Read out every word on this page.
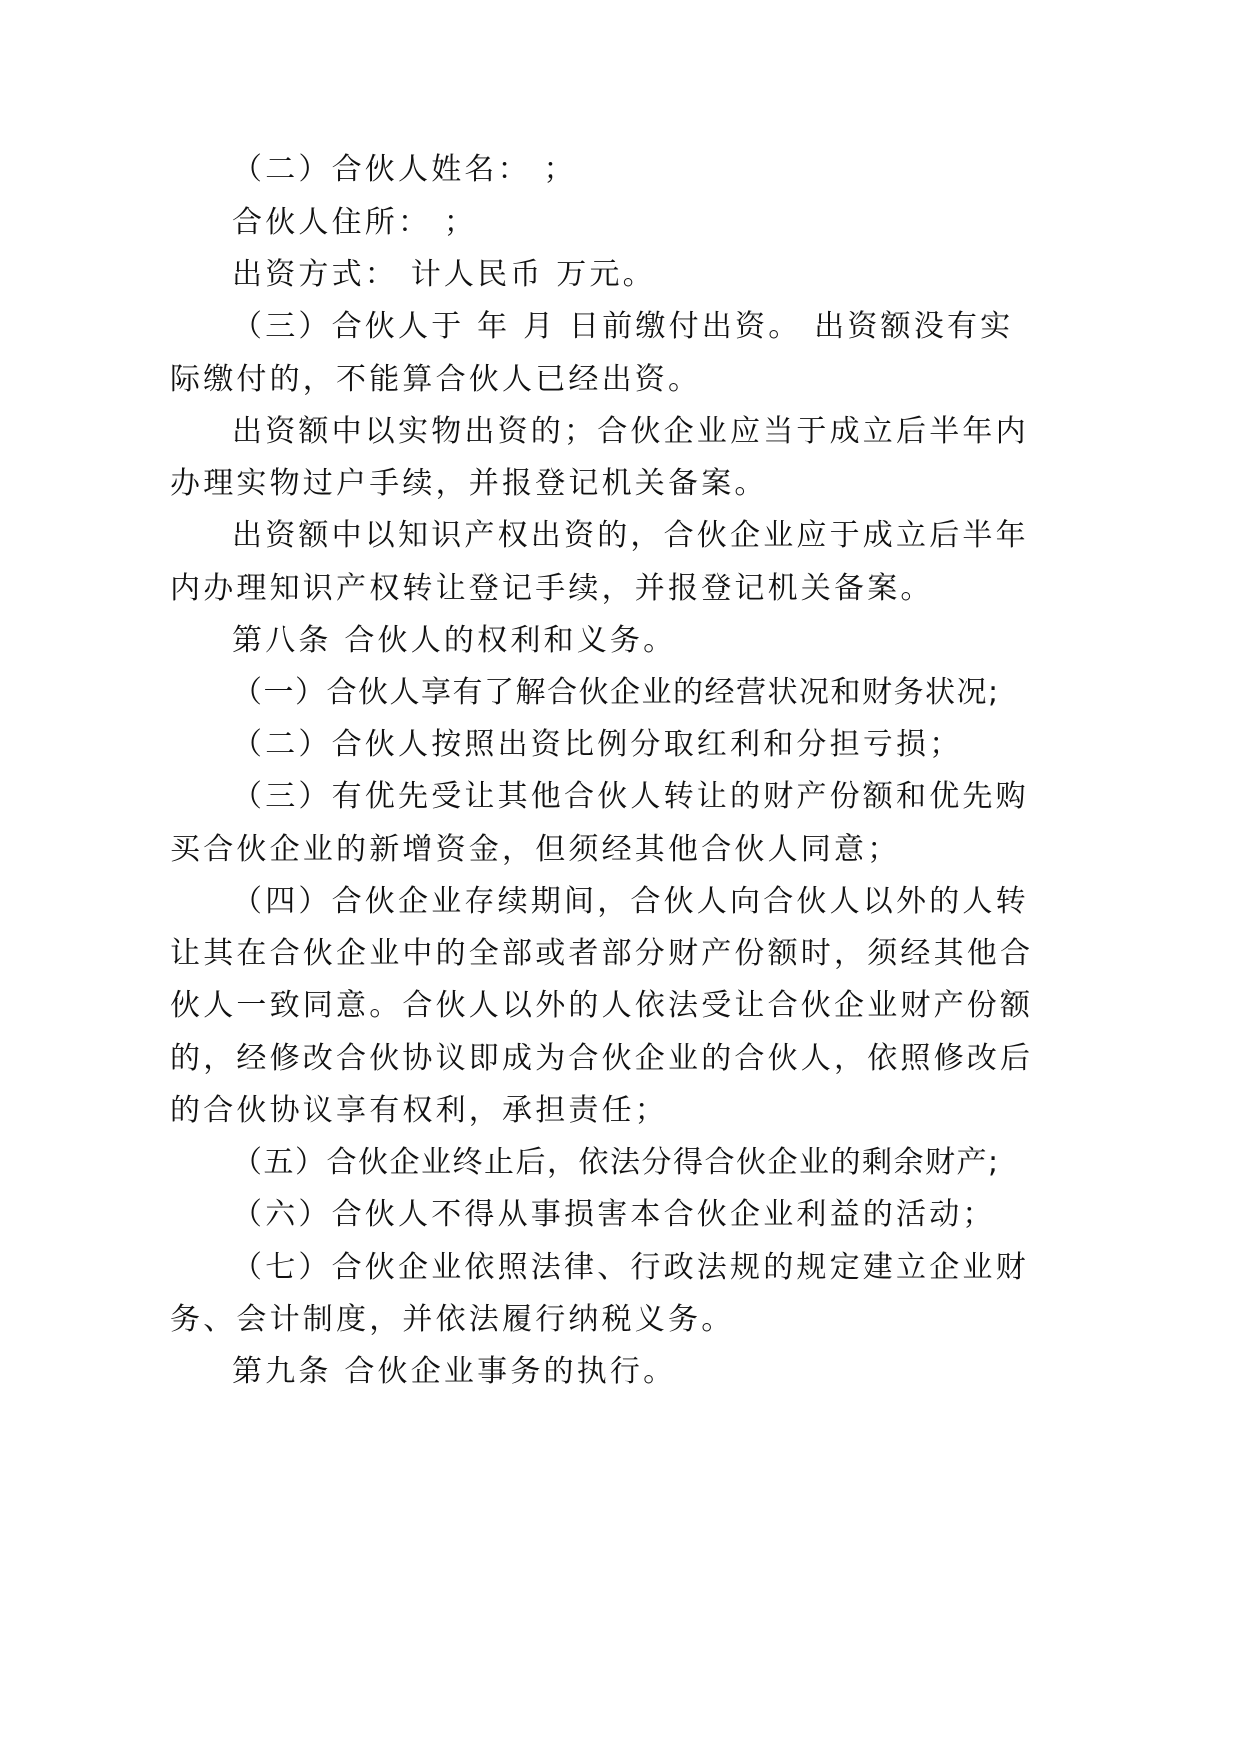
（二）合伙人姓名： ；

合伙人住所： ；

出资方式： 计人民币 万元。

（三）合伙人于 年 月 日前缴付出资。 出资额没有实

际缴付的，不能算合伙人已经出资。

出资额中以实物出资的；合伙企业应当于成立后半年内

办理实物过户手续，并报登记机关备案。

出资额中以知识产权出资的，合伙企业应于成立后半年

内办理知识产权转让登记手续，并报登记机关备案。

第八条 合伙人的权利和义务。

（一）合伙人享有了解合伙企业的经营状况和财务状况;

（二）合伙人按照出资比例分取红利和分担亏损；

（三）有优先受让其他合伙人转让的财产份额和优先购

买合伙企业的新增资金，但须经其他合伙人同意；

（四）合伙企业存续期间，合伙人向合伙人以外的人转

让其在合伙企业中的全部或者部分财产份额时，须经其他合

伙人一致同意。合伙人以外的人依法受让合伙企业财产份额

的，经修改合伙协议即成为合伙企业的合伙人，依照修改后

的合伙协议享有权利，承担责任；

（五）合伙企业终止后，依法分得合伙企业的剩余财产;

（六）合伙人不得从事损害本合伙企业利益的活动；

（七）合伙企业依照法律、行政法规的规定建立企业财

务、会计制度，并依法履行纳税义务。

第九条 合伙企业事务的执行。
